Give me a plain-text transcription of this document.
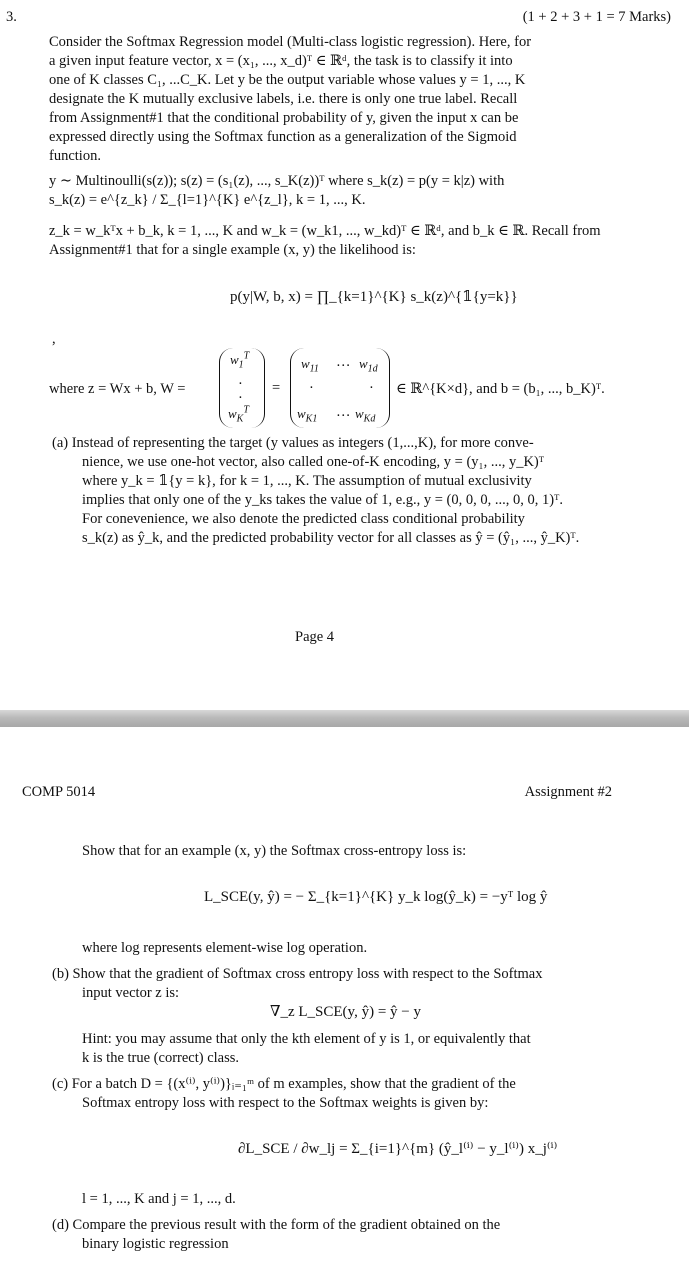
3.	(1 + 2 + 3 + 1 = 7 Marks)
Consider the Softmax Regression model (Multi-class logistic regression). Here, for
a given input feature vector, x = (x₁, ..., x_d)ᵀ ∈ ℝᵈ, the task is to classify it into
one of K classes C₁, ...C_K. Let y be the output variable whose values y = 1, ..., K
designate the K mutually exclusive labels, i.e. there is only one true label. Recall
from Assignment#1 that the conditional probability of y, given the input x can be
expressed directly using the Softmax function as a generalization of the Sigmoid
function.
y ∼ Multinoulli(s(z)); s(z) = (s₁(z), ..., s_K(z))ᵀ where s_k(z) = p(y = k|z) with
s_k(z) = e^{z_k} / Σ_{l=1}^{K} e^{z_l}, k = 1, ..., K.
z_k = w_kᵀx + b_k, k = 1, ..., K and w_k = (w_k1, ..., w_kd)ᵀ ∈ ℝᵈ, and b_k ∈ ℝ. Recall from
Assignment#1 that for a single example (x, y) the likelihood is:
p(y|W, b, x) = ∏_{k=1}^{K} s_k(z)^{𝟙{y=k}}
,
where z = Wx + b, W =
$w_1^T$
·
·
$w_K^T$
=
$w_{11}$ … $w_{1d}$
·	·
$w_{K1}$ … $w_{Kd}$
∈ ℝ^{K×d}, and b = (b₁, ..., b_K)ᵀ.
(a) Instead of representing the target (y values as integers (1,...,K), for more conve-
nience, we use one-hot vector, also called one-of-K encoding, y = (y₁, ..., y_K)ᵀ
where y_k = 𝟙{y = k}, for k = 1, ..., K. The assumption of mutual exclusivity
implies that only one of the y_ks takes the value of 1, e.g., y = (0, 0, 0, ..., 0, 0, 1)ᵀ.
For conevenience, we also denote the predicted class conditional probability
s_k(z) as ŷ_k, and the predicted probability vector for all classes as ŷ = (ŷ₁, ..., ŷ_K)ᵀ.
Page 4
COMP 5014	Assignment #2
Show that for an example (x, y) the Softmax cross-entropy loss is:
L_SCE(y, ŷ) = − Σ_{k=1}^{K} y_k log(ŷ_k) = −yᵀ log ŷ
where log represents element-wise log operation.
(b) Show that the gradient of Softmax cross entropy loss with respect to the Softmax
input vector z is:
∇_z L_SCE(y, ŷ) = ŷ − y
Hint: you may assume that only the kth element of y is 1, or equivalently that
k is the true (correct) class.
(c) For a batch D = {(x⁽ⁱ⁾, y⁽ⁱ⁾)}ᵢ₌₁ᵐ of m examples, show that the gradient of the
Softmax entropy loss with respect to the Softmax weights is given by:
∂L_SCE / ∂w_lj = Σ_{i=1}^{m} (ŷ_l⁽ⁱ⁾ − y_l⁽ⁱ⁾) x_j⁽ⁱ⁾
l = 1, ..., K and j = 1, ..., d.
(d) Compare the previous result with the form of the gradient obtained on the
binary logistic regression
